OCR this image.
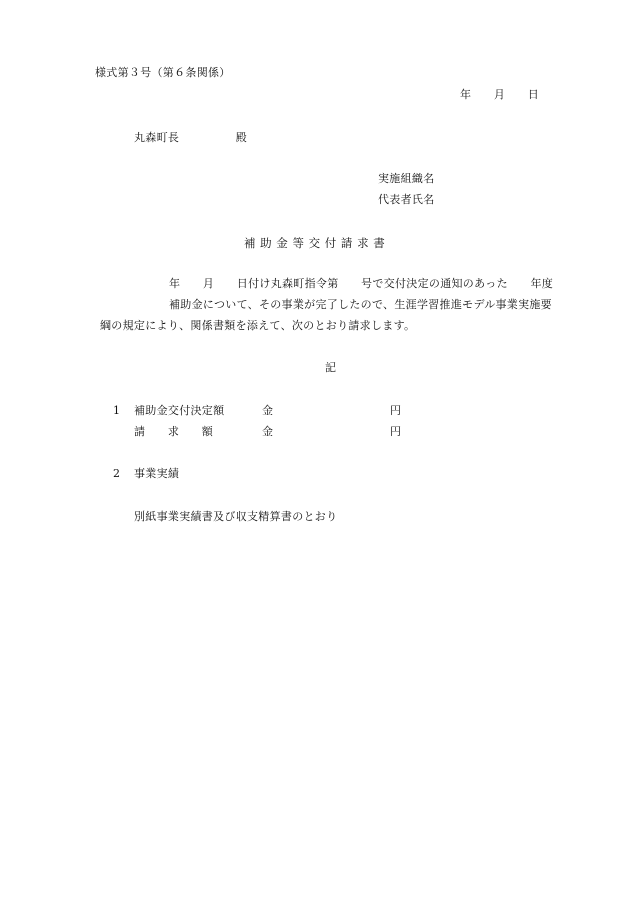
様式第３号（第６条関係）
年　　月　　日
丸森町長　　　　　殿
実施組織名
代表者氏名
補 助 金 等 交 付 請 求 書
年　　月　　日付け丸森町指令第　　号で交付決定の通知のあった　　年度
補助金について、その事業が完了したので、生涯学習推進モデル事業実施要
綱の規定により、関係書類を添えて、次のとおり請求します。
記
1 補助金交付決定額	金	円
請　　求　　額	金	円
2 事業実績
別紙事業実績書及び収支精算書のとおり
